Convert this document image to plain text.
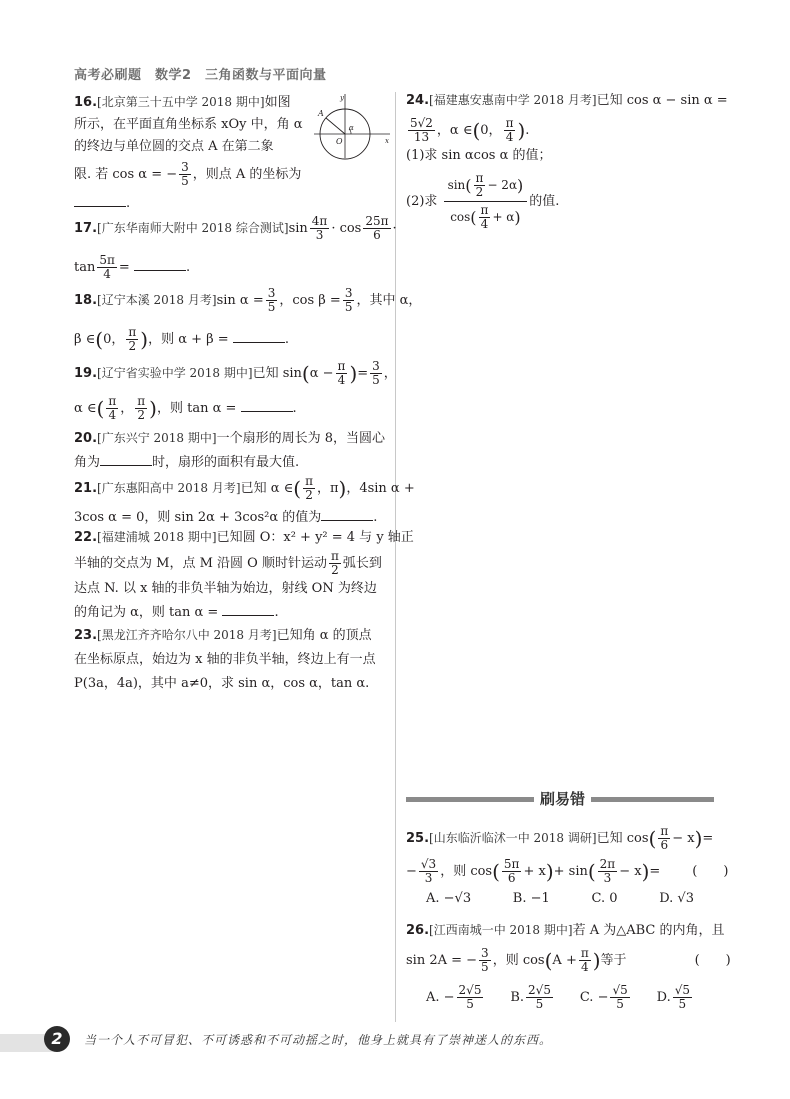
高考必刷题　数学2　三角函数与平面向量
16.[北京第三十五中学 2018 期中]如图
所示，在平面直角坐标系 xOy 中，角 α
的终边与单位圆的交点 A 在第二象
限. 若 cos α = − $\frac{3}{5}$ ，则点 A 的坐标为
.
y
x
A
O
α
17.[广东华南师大附中 2018 综合测试]$\sin \frac{4\pi}{3} \cdot \cos \frac{25\pi}{6}$ ·
$\tan \frac{5\pi}{4}$ =	.
18.[辽宁本溪 2018 月考]sin $\alpha = \frac{3}{5}$ ，$\cos \beta = \frac{3}{5}$ ，其中 α，
β ∈(0， $\frac{\pi}{2}$ )，则 α + β =	.
19.[辽宁省实验中学 2018 期中]已知 $\sin(\alpha - \frac{\pi}{4}$ )= $\frac{3}{5}$ ，
α ∈( $\frac{\pi}{4}$ ， $\frac{\pi}{2}$ )，则 tan α =	.
20.[广东兴宁 2018 期中]一个扇形的周长为 8，当圆心
角为	时，扇形的面积有最大值.
21.[广东惠阳高中 2018 月考]已知 α ∈( $\frac{\pi}{2}$ ，π)，4sin α +
3cos α = 0，则 sin 2α + 3cos²α 的值为	.
22.[福建浦城 2018 期中]已知圆 O：x² + y² = 4 与 y 轴正
半轴的交点为 M，点 M 沿圆 O 顺时针运动 $\frac{\pi}{2}$ 弧长到
达点 N. 以 x 轴的非负半轴为始边，射线 ON 为终边
的角记为 α，则 tan α =	.
23.[黑龙江齐齐哈尔八中 2018 月考]已知角 α 的顶点
在坐标原点，始边为 x 轴的非负半轴，终边上有一点
P(3a，4a)，其中 a≠0，求 sin α，cos α，tan α.
24.[福建惠安惠南中学 2018 月考]已知 cos α − sin α =
$\frac{5√2}{13}$ ，α ∈(0， $\frac{\pi}{4}$ ).
(1)求 sin αcos α 的值；
(2)求 $\frac{\sin( \frac{\pi}{2} - 2\alpha)}{\cos( \frac{\pi}{4} + \alpha)}$ 的值.
刷易错
25.[山东临沂临沭一中 2018 调研]已知 $\cos( \frac{\pi}{6} - x)=$
− $\frac{√3}{3}$ ，则 $\cos( \frac{5\pi}{6} + x)+ \sin( \frac{2\pi}{3} - x)=$ (　　)
A. −√3	B. −1	C. 0	D. √3
26.[江西南城一中 2018 期中]若 A 为△ABC 的内角，且
sin 2A = − $\frac{3}{5}$ ，则 $\cos(A + \frac{\pi}{4}$ )等于	(　　)
A. − $\frac{2√5}{5} B$. $\frac{2√5}{5} C$. − $\frac{√5}{5} D$. $\frac{√5}{5}$
2	当一个人不可冒犯、不可诱惑和不可动摇之时，他身上就具有了崇神迷人的东西。
